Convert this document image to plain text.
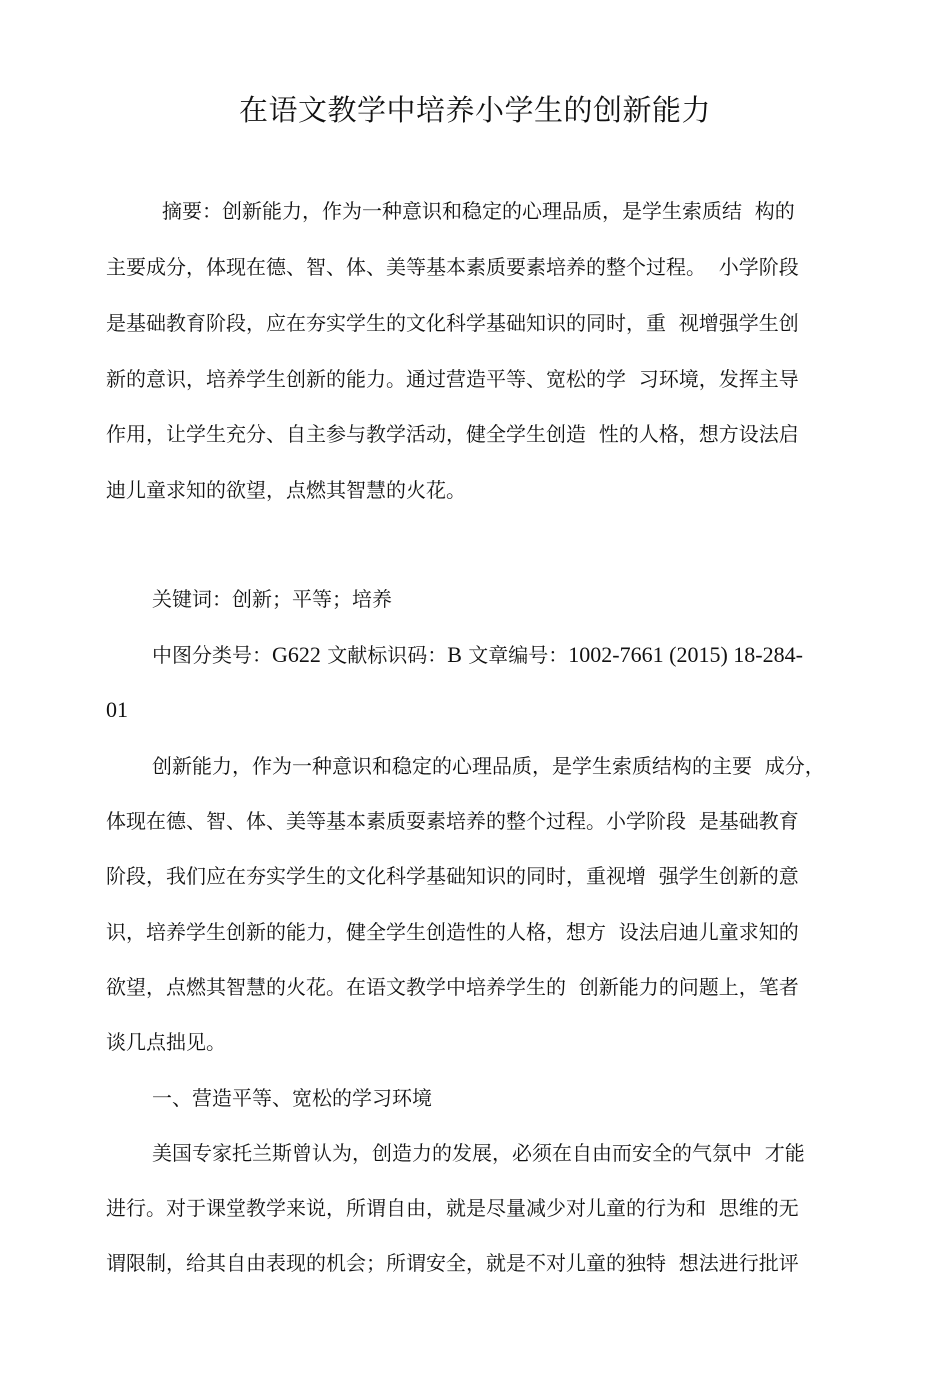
在语文教学中培养小学生的创新能力

摘要：创新能力，作为一种意识和稳定的心理品质，是学生索质结  构的

主要成分，体现在德、智、体、美等基本素质要素培养的整个过程。  小学阶段

是基础教育阶段，应在夯实学生的文化科学基础知识的同时，重  视增强学生创

新的意识，培养学生创新的能力。通过营造平等、宽松的学  习环境，发挥主导

作用，让学生充分、自主参与教学活动，健全学生创造  性的人格，想方设法启

迪儿童求知的欲望，点燃其智慧的火花。

关键词：创新；平等；培养

中图分类号：G622 文献标识码：B 文章编号：1002-7661 (2015) 18-284-

01

创新能力，作为一种意识和稳定的心理品质，是学生索质结构的主要  成分，

体现在德、智、体、美等基本素质耍素培养的整个过程。小学阶段  是基础教育

阶段，我们应在夯实学生的文化科学基础知识的同时，重视增  强学生创新的意

识，培养学生创新的能力，健全学生创造性的人格，想方  设法启迪儿童求知的

欲望，点燃其智慧的火花。在语文教学中培养学生的  创新能力的问题上，笔者

谈几点拙见。

一、营造平等、宽松的学习环境

美国专家托兰斯曾认为，创造力的发展，必须在自由而安全的气氛中  才能

进行。对于课堂教学来说，所谓自由，就是尽量减少对儿童的行为和  思维的无

谓限制，给其自由表现的机会；所谓安全，就是不对儿童的独特  想法进行批评
